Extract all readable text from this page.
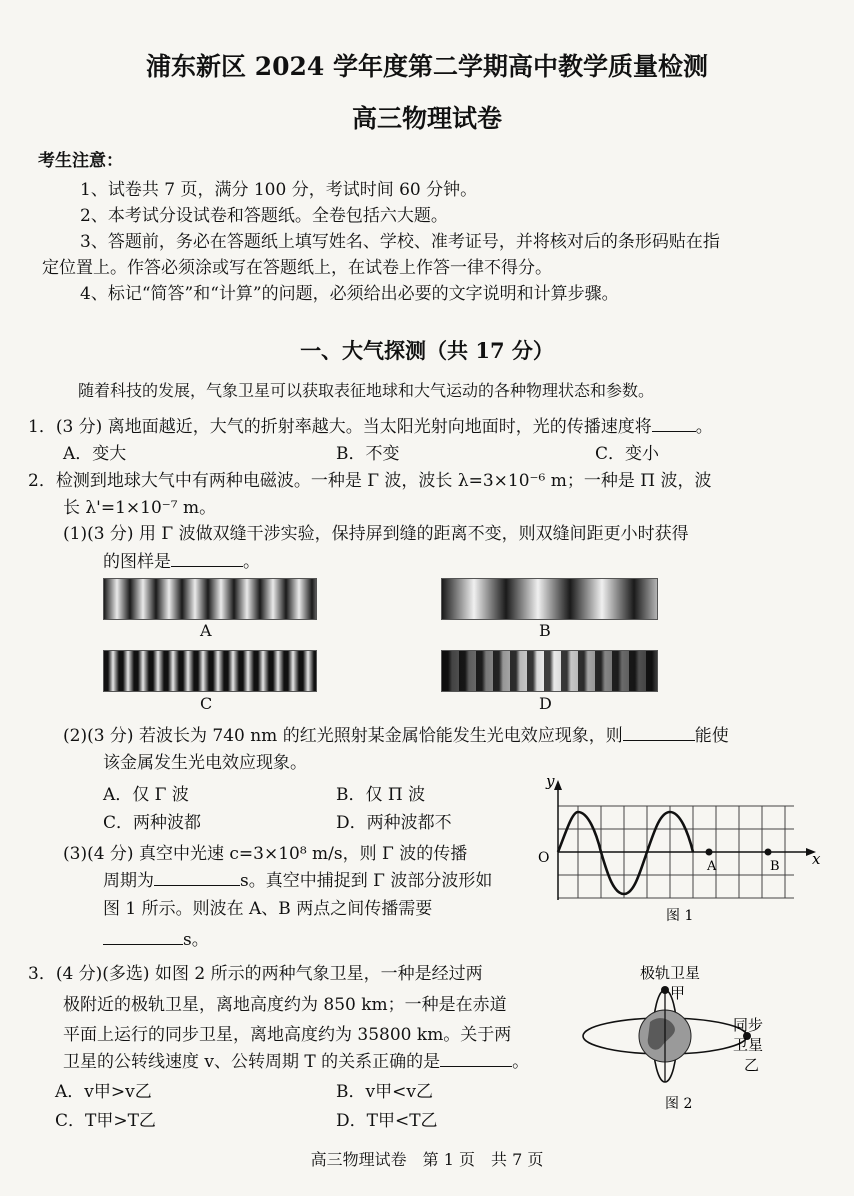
浦东新区 2024 学年度第二学期高中教学质量检测
高三物理试卷
考生注意：
1、试卷共 7 页，满分 100 分，考试时间 60 分钟。
2、本考试分设试卷和答题纸。全卷包括六大题。
3、答题前，务必在答题纸上填写姓名、学校、准考证号，并将核对后的条形码贴在指
定位置上。作答必须涂或写在答题纸上，在试卷上作答一律不得分。
4、标记“简答”和“计算”的问题，必须给出必要的文字说明和计算步骤。
一、大气探测（共 17 分）
随着科技的发展，气象卫星可以获取表征地球和大气运动的各种物理状态和参数。
1．(3 分) 离地面越近，大气的折射率越大。当太阳光射向地面时，光的传播速度将	。
A．变大	B．不变	C．变小
2．检测到地球大气中有两种电磁波。一种是 Γ 波，波长 λ=3×10⁻⁶ m；一种是 Π 波，波
长 λ'=1×10⁻⁷ m。
(1)(3 分) 用 Γ 波做双缝干涉实验，保持屏到缝的距离不变，则双缝间距更小时获得
的图样是	。
A	B
C	D
(2)(3 分) 若波长为 740 nm 的红光照射某金属恰能发生光电效应现象，则	能使
该金属发生光电效应现象。
A．仅 Γ 波	B．仅 Π 波
C．两种波都	D．两种波都不
(3)(4 分) 真空中光速 c=3×10⁸ m/s，则 Γ 波的传播
周期为	s。真空中捕捉到 Γ 波部分波形如
图 1 所示。则波在 A、B 两点之间传播需要
s。
y
x
O
A	B
图 1
3．(4 分)(多选) 如图 2 所示的两种气象卫星，一种是经过两
极附近的极轨卫星，离地高度约为 850 km；一种是在赤道
平面上运行的同步卫星，离地高度约为 35800 km。关于两
卫星的公转线速度 v、公转周期 T 的关系正确的是	。
A．v甲>v乙	B．v甲<v乙
C．T甲>T乙	D．T甲<T乙
极轨卫星
甲
同步
卫星
乙
图 2
高三物理试卷　第 1 页　共 7 页
